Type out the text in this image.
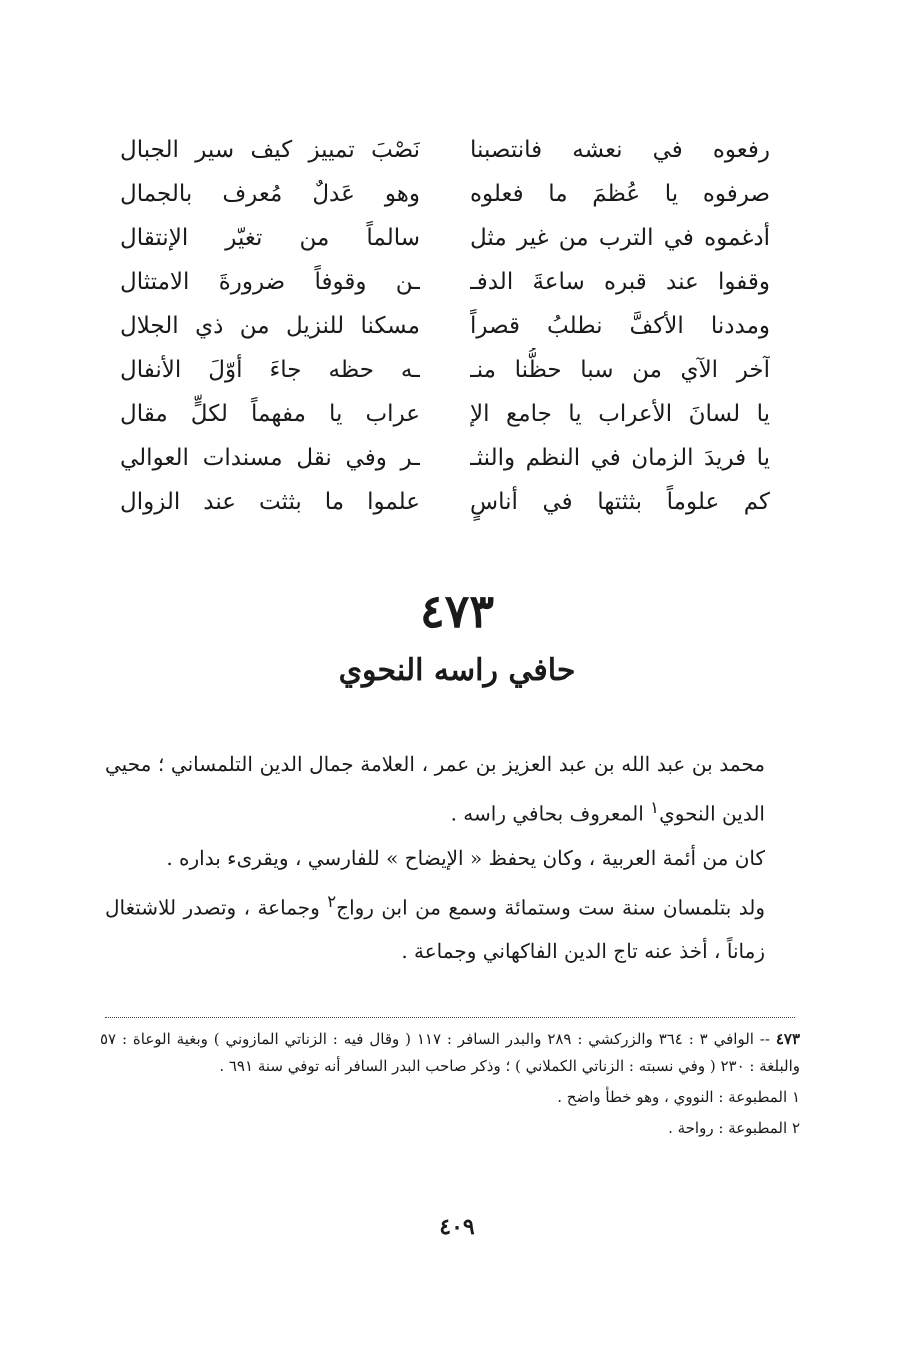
رفعوه في نعشه فانتصبنا
نَصْبَ تمييز كيف سير الجبال
صرفوه يا عُظمَ ما فعلوه
وهو عَدلٌ مُعرف بالجمال
أدغموه في الترب من غير مثل
سالماً من تغيّر الإنتقال
وقفوا عند قبره ساعةَ الدفـ
ـن وقوفاً ضرورةَ الامتثال
ومددنا الأكفَّ نطلبُ قصراً
مسكنا للنزيل من ذي الجلال
آخر الآي من سبا حظُّنا منـ
ـه حظه جاءَ أوّلَ الأنفال
يا لسانَ الأعراب يا جامع الإ
عراب يا مفهماً لكلٍّ مقال
يا فريدَ الزمان في النظم والنثـ
ـر وفي نقل مسندات العوالي
كم علوماً بثثتها في أناسٍ
علموا ما بثثت عند الزوال
٤٧٣
حافي راسه النحوي

محمد بن عبد الله بن عبد العزيز بن عمر ، العلامة جمال الدين التلمساني ؛ محيي الدين النحوي$^١$ المعروف بحافي راسه .

كان من أئمة العربية ، وكان يحفظ « الإيضاح » للفارسي ، ويقرىء بداره .

ولد بتلمسان سنة ست وستمائة وسمع من ابن رواج$^٢$ وجماعة ، وتصدر للاشتغال زماناً ، أخذ عنه تاج الدين الفاكهاني وجماعة .

٤٧٣ -- الوافي ٣ : ٣٦٤ والزركشي : ٢٨٩ والبدر السافر : ١١٧ ( وقال فيه : الزناتي المازوني ) وبغية الوعاة : ٥٧ والبلغة : ٢٣٠ ( وفي نسبته : الزناتي الكملاني ) ؛ وذكر صاحب البدر السافر أنه توفي سنة ٦٩١ .

١ المطبوعة : النووي ، وهو خطأ واضح .

٢ المطبوعة : رواحة .

٤٠٩
